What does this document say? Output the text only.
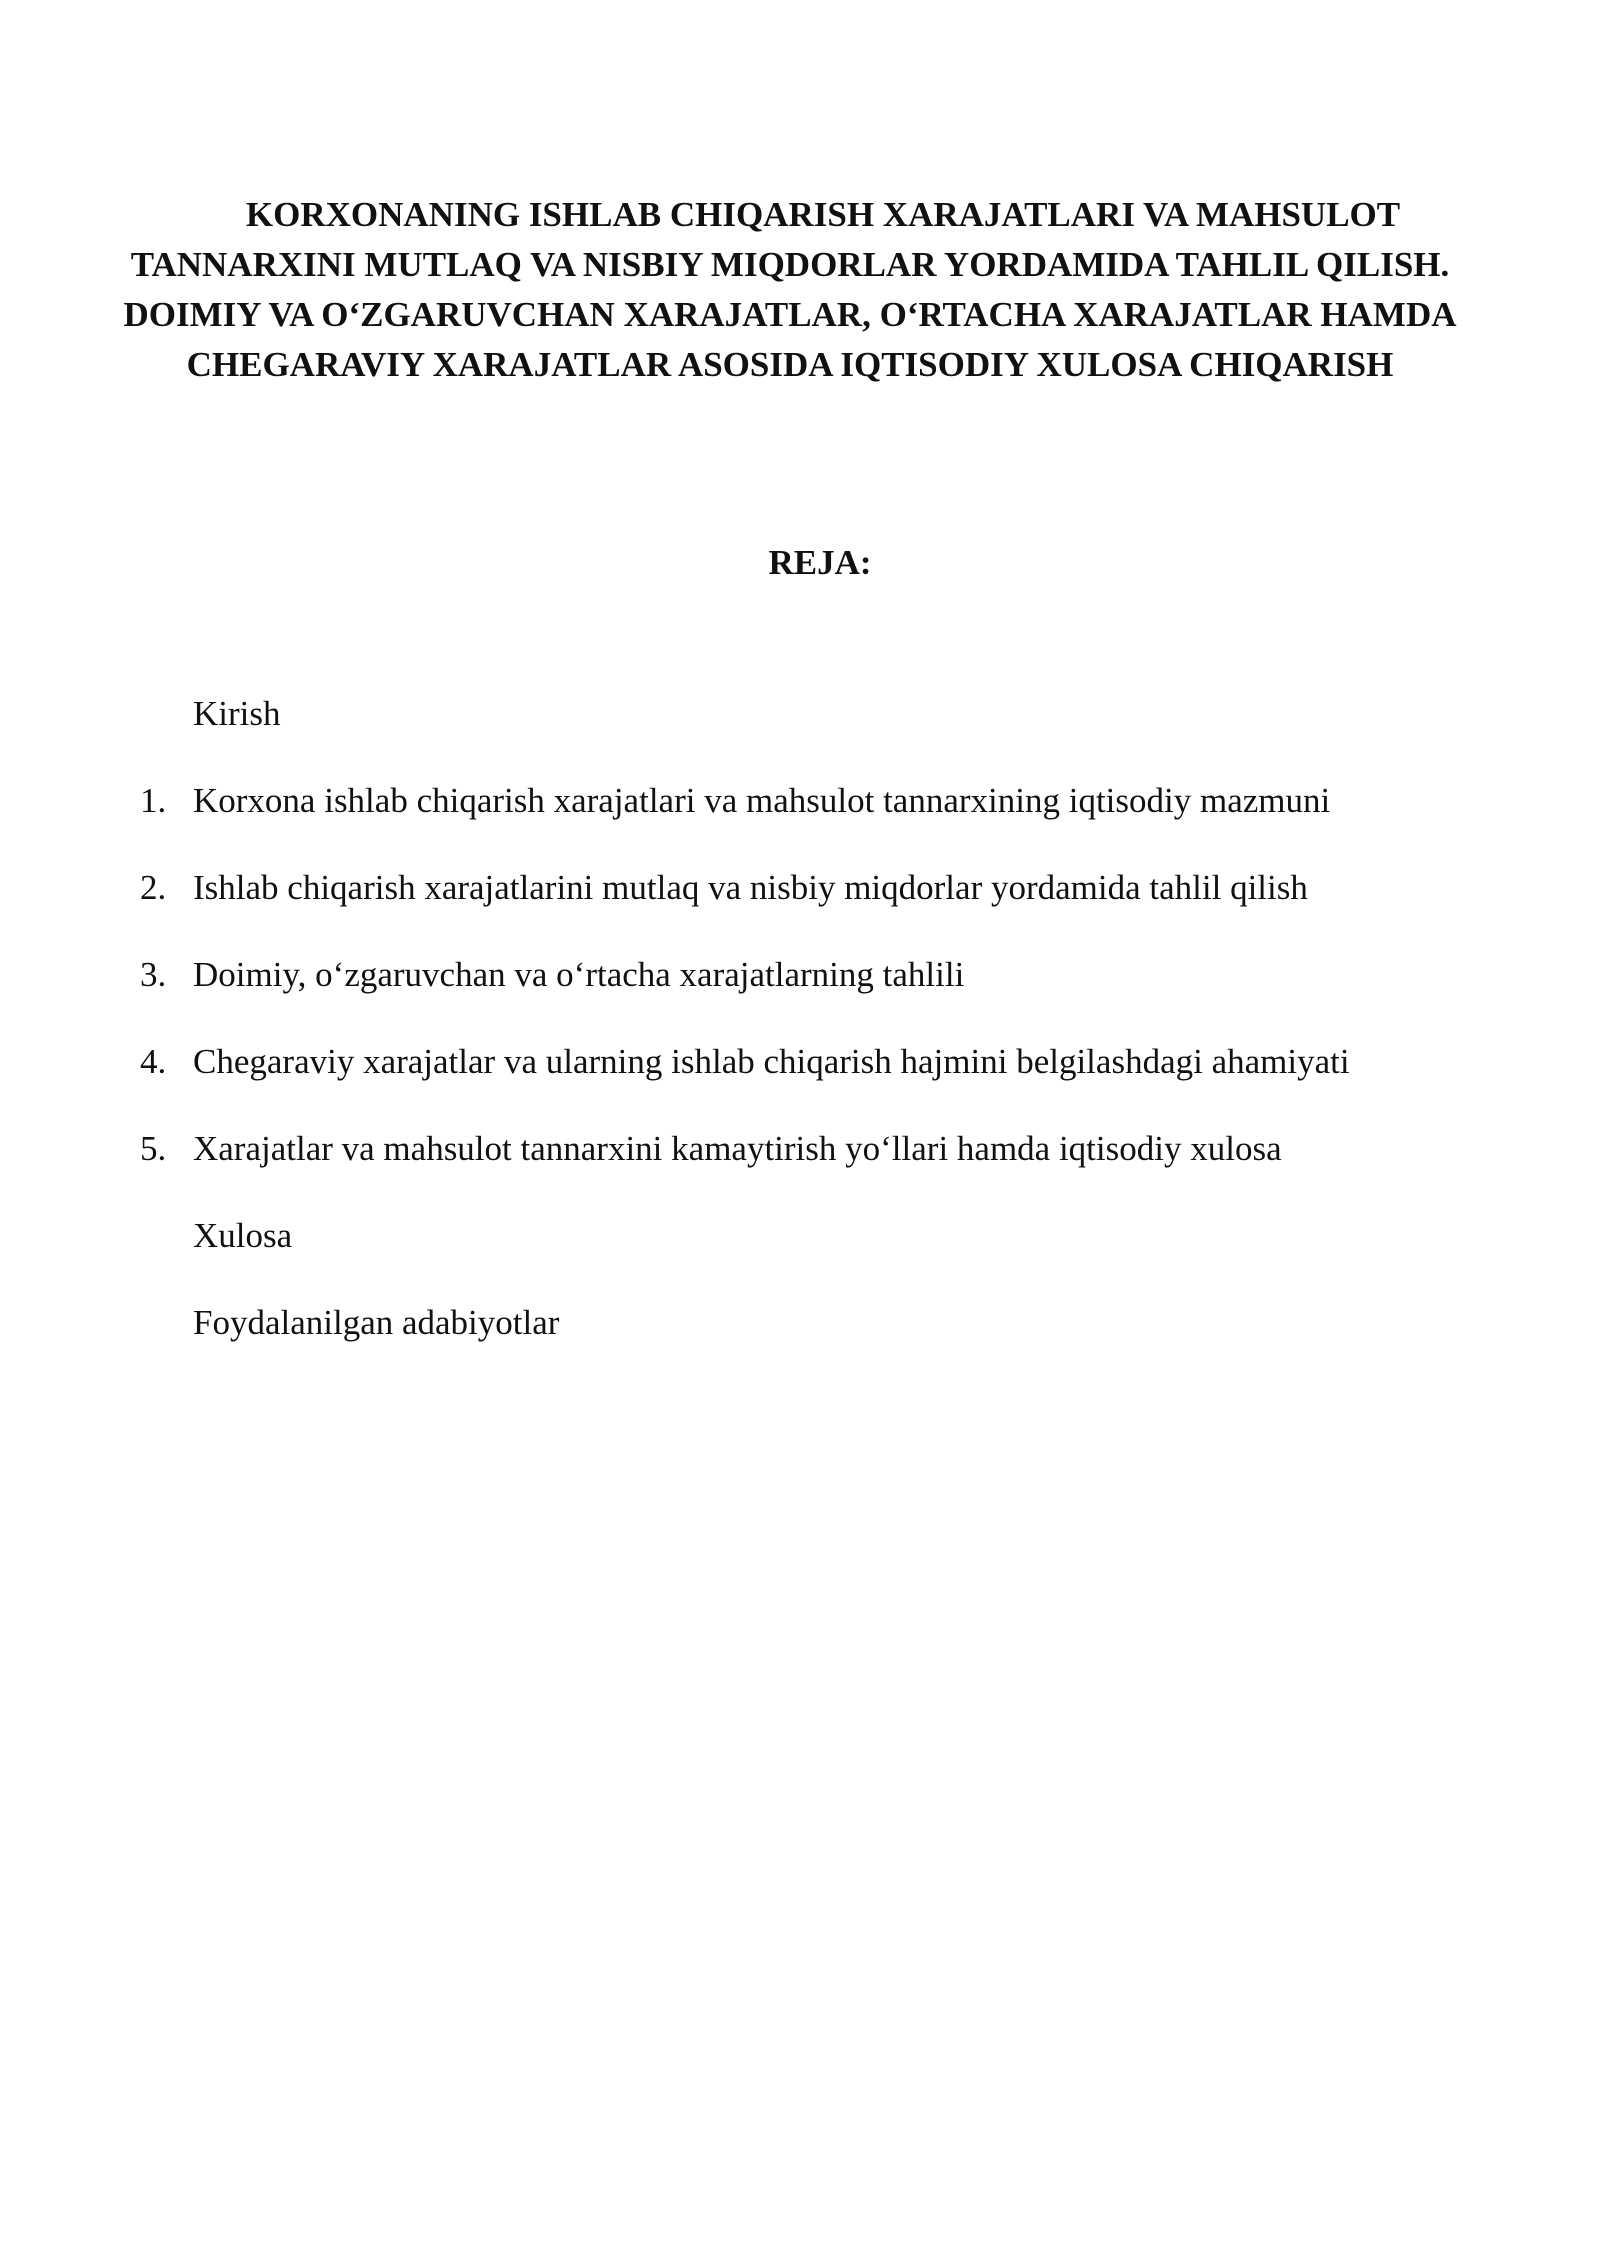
KORXONANING ISHLAB CHIQARISH XARAJATLARI VA MAHSULOT TANNARXINI MUTLAQ VA NISBIY MIQDORLAR YORDAMIDA TAHLIL QILISH. DOIMIY VA O‘ZGARUVCHAN XARAJATLAR, O‘RTACHA XARAJATLAR HAMDA CHEGARAVIY XARAJATLAR ASOSIDA IQTISODIY XULOSA CHIQARISH
REJA:
Kirish
1. Korxona ishlab chiqarish xarajatlari va mahsulot tannarxining iqtisodiy mazmuni
2. Ishlab chiqarish xarajatlarini mutlaq va nisbiy miqdorlar yordamida tahlil qilish
3. Doimiy, o‘zgaruvchan va o‘rtacha xarajatlarning tahlili
4. Chegaraviy xarajatlar va ularning ishlab chiqarish hajmini belgilashdagi ahamiyati
5. Xarajatlar va mahsulot tannarxini kamaytirish yo‘llari hamda iqtisodiy xulosa
Xulosa
Foydalanilgan adabiyotlar
